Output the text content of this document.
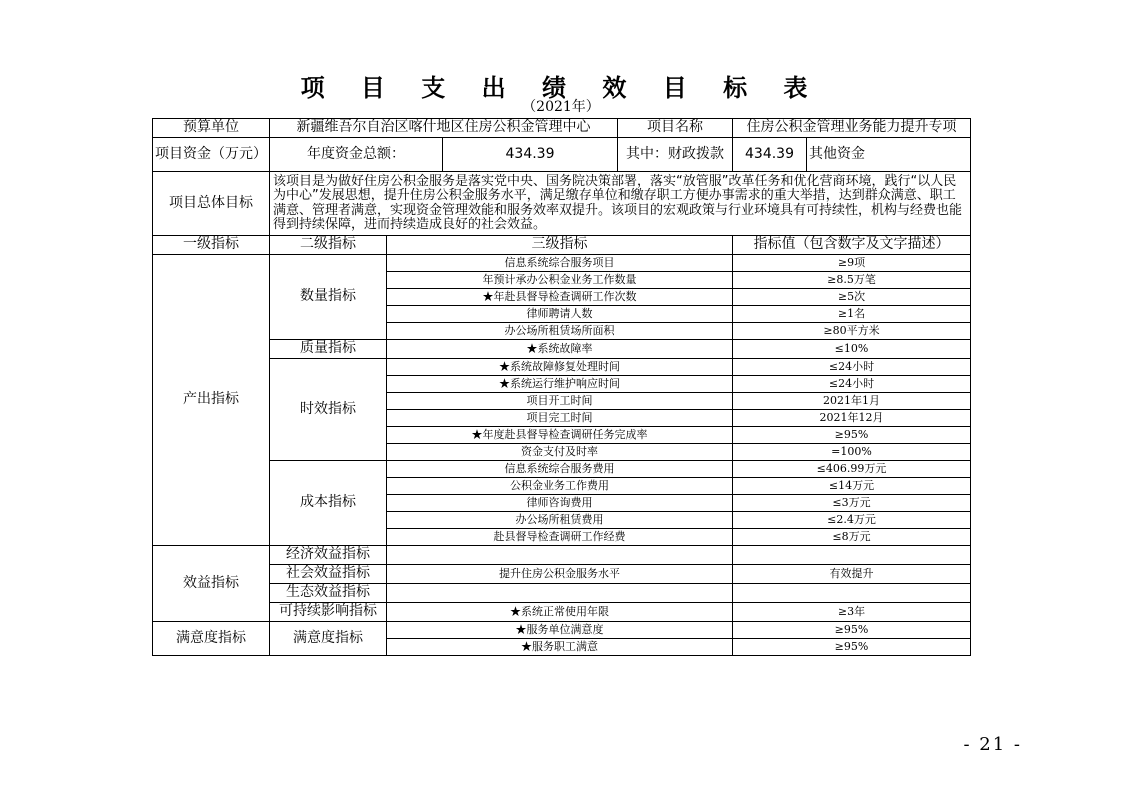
项 目 支 出 绩 效 目 标 表
（2021年）
预算单位	新疆维吾尔自治区喀什地区住房公积金管理中心			项目名称	住房公积金管理业务能力提升专项	
项目资金（万元）	年度资金总额：		434.39	其中：财政拨款	434.39	其他资金
项目总体目标	该项目是为做好住房公积金服务是落实党中央、国务院决策部署，落实“放管服”改革任务和优化营商环境，践行“以人民为中心”发展思想，提升住房公积金服务水平，满足缴存单位和缴存职工方便办事需求的重大举措，达到群众满意、职工满意、管理者满意，实现资金管理效能和服务效率双提升。该项目的宏观政策与行业环境具有可持续性，机构与经费也能得到持续保障，进而持续造成良好的社会效益。					
一级指标	二级指标	三级指标			指标值（包含数字及文字描述）	
产出指标	数量指标	信息系统综合服务项目			≥9项	
		年预计承办公积金业务工作数量			≥8.5万笔	
		★年赴县督导检查调研工作次数			≥5次	
		律师聘请人数			≥1名	
		办公场所租赁场所面积			≥80平方米	
	质量指标	★系统故障率			≤10%	
	时效指标	★系统故障修复处理时间			≤24小时	
		★系统运行维护响应时间			≤24小时	
		项目开工时间			2021年1月	
		项目完工时间			2021年12月	
		★年度赴县督导检查调研任务完成率			≥95%	
		资金支付及时率			=100%	
	成本指标	信息系统综合服务费用			≤406.99万元	
		公积金业务工作费用			≤14万元	
		律师咨询费用			≤3万元	
		办公场所租赁费用			≤2.4万元	
		赴县督导检查调研工作经费			≤8万元	
效益指标	经济效益指标					
	社会效益指标	提升住房公积金服务水平			有效提升	
	生态效益指标					
	可持续影响指标	★系统正常使用年限			≥3年	
满意度指标	满意度指标	★服务单位满意度			≥95%	
		★服务职工满意			≥95%	
- 21 -
